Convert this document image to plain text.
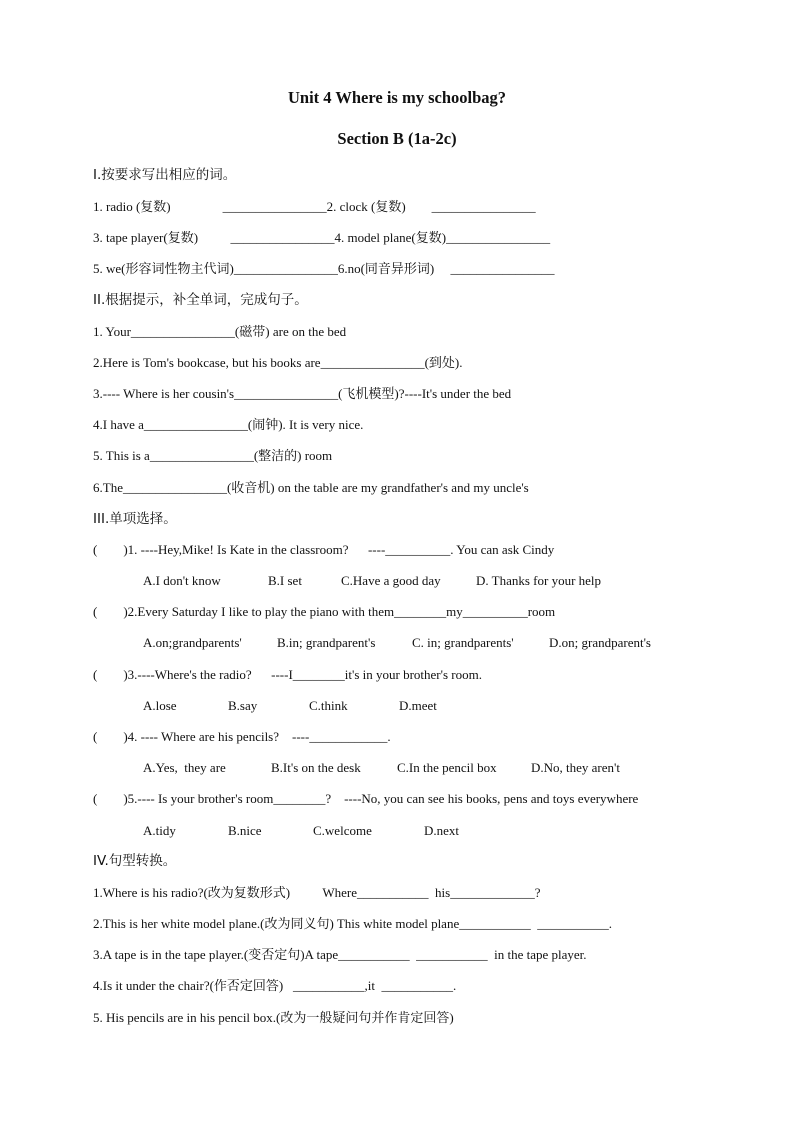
Unit 4 Where is my schoolbag?
Section B (1a-2c)
I.按要求写出相应的词。
1. radio (复数)                ________________2. clock (复数)        ________________
3. tape player(复数)          ________________4. model plane(复数)________________
5. we(形容词性物主代词)________________6.no(同音异形词)     ________________
II.根据提示，补全单词，完成句子。
1. Your________________(磁带) are on the bed
2.Here is Tom's bookcase, but his books are________________(到处).
3.---- Where is her cousin's________________(飞机模型)?----It's under the bed
4.I have a________________(闹钟). It is very nice.
5. This is a________________(整洁的) room
6.The________________(收音机) on the table are my grandfather's and my uncle's
III.单项选择。
(        )1. ----Hey,Mike! Is Kate in the classroom?      ----__________. You can ask Cindy
A.I don't know	B.I set	C.Have a good day	D. Thanks for your help
(        )2.Every Saturday I like to play the piano with them________my__________room
A.on;grandparents'	B.in; grandparent's	C. in; grandparents'	D.on; grandparent's
(        )3.----Where's the radio?      ----I________it's in your brother's room.
A.lose	B.say	C.think	D.meet
(        )4. ---- Where are his pencils?    ----____________.
A.Yes,  they are	B.It's on the desk	C.In the pencil box	D.No, they aren't
(        )5.---- Is your brother's room________?    ----No, you can see his books, pens and toys everywhere
A.tidy	B.nice	C.welcome	D.next
IV.句型转换。
1.Where is his radio?(改为复数形式)          Where___________  his_____________?
2.This is her white model plane.(改为同义句) This white model plane___________  ___________.
3.A tape is in the tape player.(变否定句)A tape___________  ___________  in the tape player.
4.Is it under the chair?(作否定回答)   ___________,it  ___________.
5. His pencils are in his pencil box.(改为一般疑问句并作肯定回答)
